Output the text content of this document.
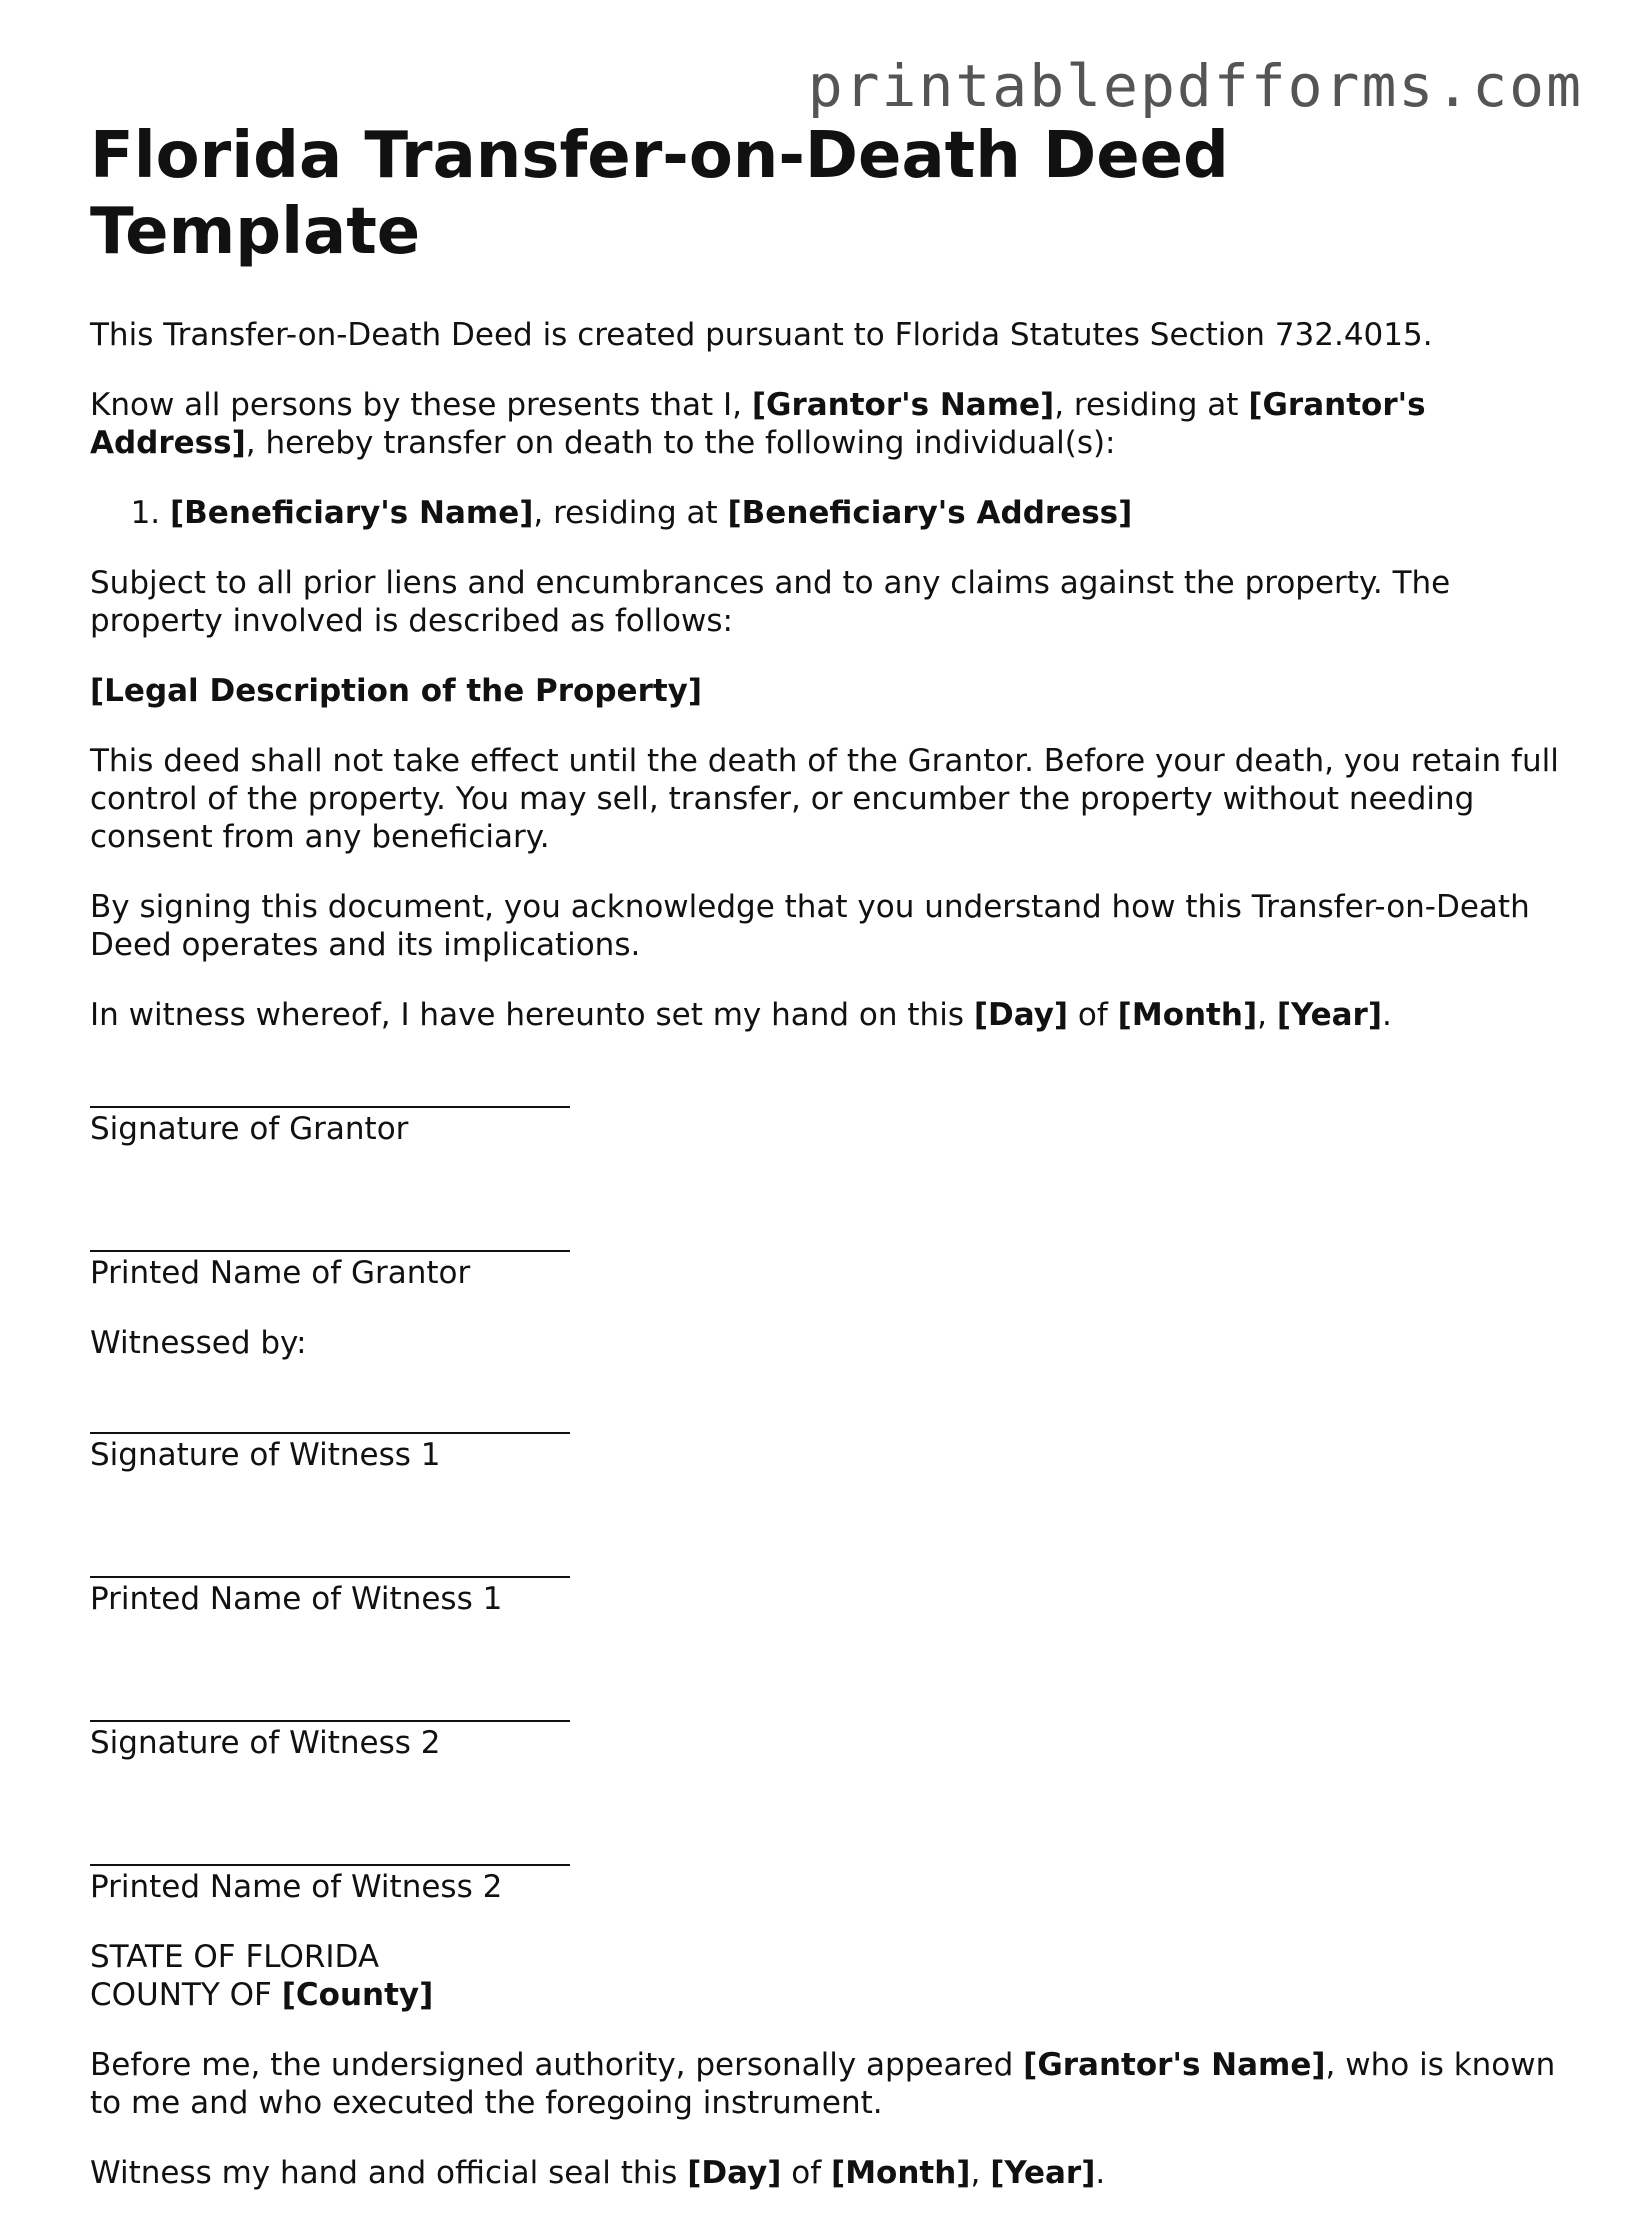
printablepdfforms.com
Florida Transfer-on-Death Deed Template

This Transfer-on-Death Deed is created pursuant to Florida Statutes Section 732.4015.

Know all persons by these presents that I, [Grantor's Name], residing at [Grantor's Address], hereby transfer on death to the following individual(s):

1. [Beneficiary's Name], residing at [Beneficiary's Address]

Subject to all prior liens and encumbrances and to any claims against the property. The property involved is described as follows:

[Legal Description of the Property]

This deed shall not take effect until the death of the Grantor. Before your death, you retain full control of the property. You may sell, transfer, or encumber the property without needing consent from any beneficiary.

By signing this document, you acknowledge that you understand how this Transfer-on-Death Deed operates and its implications.

In witness whereof, I have hereunto set my hand on this [Day] of [Month], [Year].

Signature of Grantor
Printed Name of Grantor

Witnessed by:

Signature of Witness 1
Printed Name of Witness 1
Signature of Witness 2
Printed Name of Witness 2

STATE OF FLORIDA
COUNTY OF [County]

Before me, the undersigned authority, personally appeared [Grantor's Name], who is known to me and who executed the foregoing instrument.

Witness my hand and official seal this [Day] of [Month], [Year].
